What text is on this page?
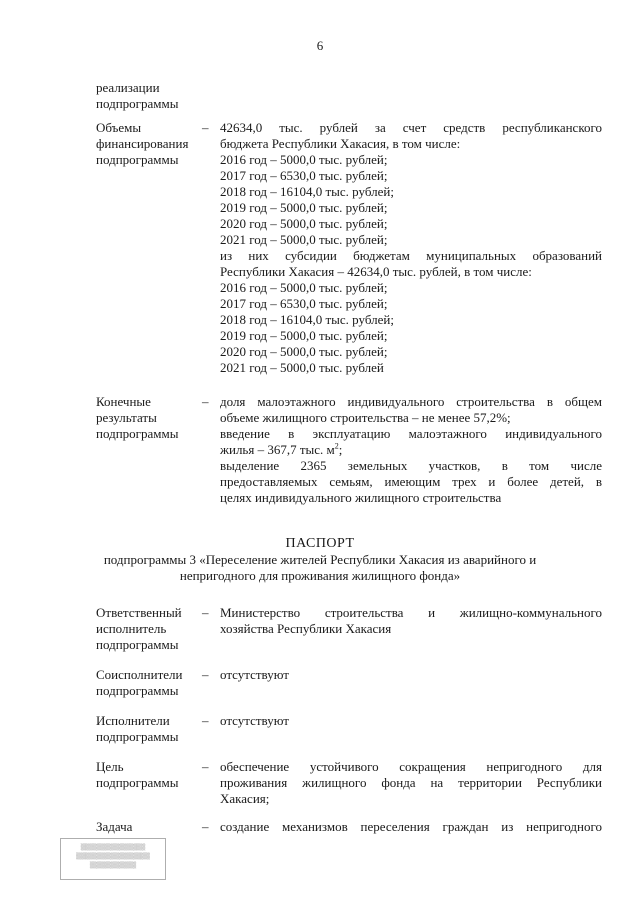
6

реализации

подпрограммы

Объемы

финансирования

подпрограммы

– 42634,0 тыс. рублей за счет средств республиканского

бюджета Республики Хакасия, в том числе:

2016 год – 5000,0 тыс. рублей;

2017 год – 6530,0 тыс. рублей;

2018 год – 16104,0 тыс. рублей;

2019 год – 5000,0 тыс. рублей;

2020 год – 5000,0 тыс. рублей;

2021 год – 5000,0 тыс. рублей;

из них субсидии бюджетам муниципальных образований

Республики Хакасия – 42634,0 тыс. рублей, в том числе:

2016 год – 5000,0 тыс. рублей;

2017 год – 6530,0 тыс. рублей;

2018 год – 16104,0 тыс. рублей;

2019 год – 5000,0 тыс. рублей;

2020 год – 5000,0 тыс. рублей;

2021 год – 5000,0 тыс. рублей

Конечные

результаты

подпрограммы

– доля малоэтажного индивидуального строительства в общем

объеме жилищного строительства – не менее 57,2%;

введение в эксплуатацию малоэтажного индивидуального

жилья – 367,7 тыс. $м^2$;

выделение 2365 земельных участков, в том числе

предоставляемых семьям, имеющим трех и более детей, в

целях индивидуального жилищного строительства

ПАСПОРТ
подпрограммы 3 «Переселение жителей Республики Хакасия из аварийного и
непригодного для проживания жилищного фонда»

Ответственный

исполнитель

подпрограммы

– Министерство строительства и жилищно-коммунального

хозяйства Республики Хакасия

Соисполнители

подпрограммы

– отсутствуют

Исполнители

подпрограммы

– отсутствуют

Цель

подпрограммы

– обеспечение устойчивого сокращения непригодного для

проживания жилищного фонда на территории Республики

Хакасия;

Задача	– создание механизмов переселения граждан из непригодного

▒▒▒▒▒▒▒▒▒▒▒▒▒▒
▒▒▒▒▒▒▒▒▒▒▒▒▒▒▒▒
▒▒▒▒▒▒▒▒▒▒
